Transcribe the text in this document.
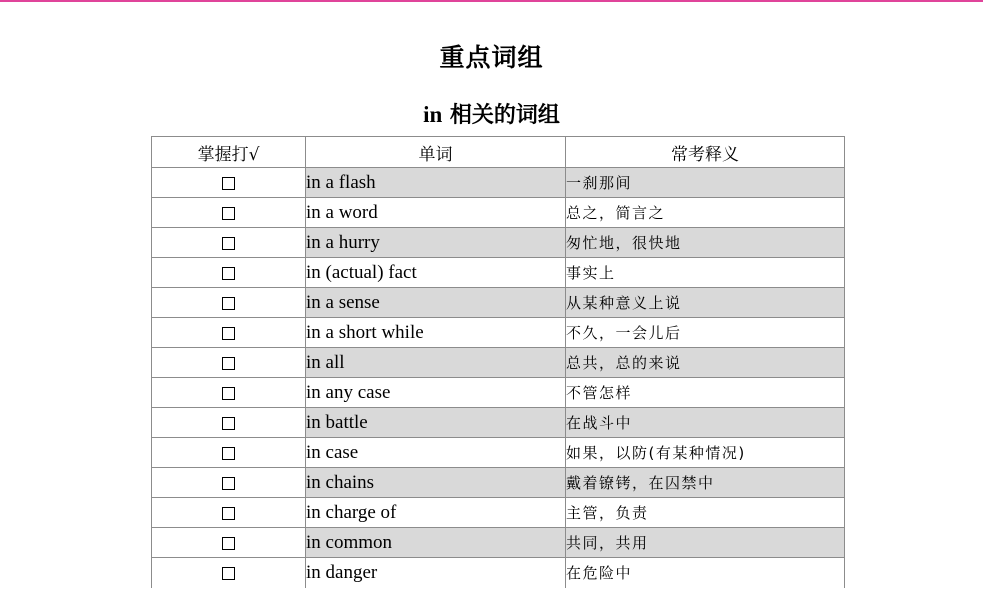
重点词组
in 相关的词组
掌握打√	单词	常考释义
	in a flash	一刹那间
	in a word	总之，简言之
	in a hurry	匆忙地，很快地
	in (actual) fact	事实上
	in a sense	从某种意义上说
	in a short while	不久，一会儿后
	in all	总共，总的来说
	in any case	不管怎样
	in battle	在战斗中
	in case	如果，以防(有某种情况)
	in chains	戴着镣铐，在囚禁中
	in charge of	主管，负责
	in common	共同，共用
	in danger	在危险中
